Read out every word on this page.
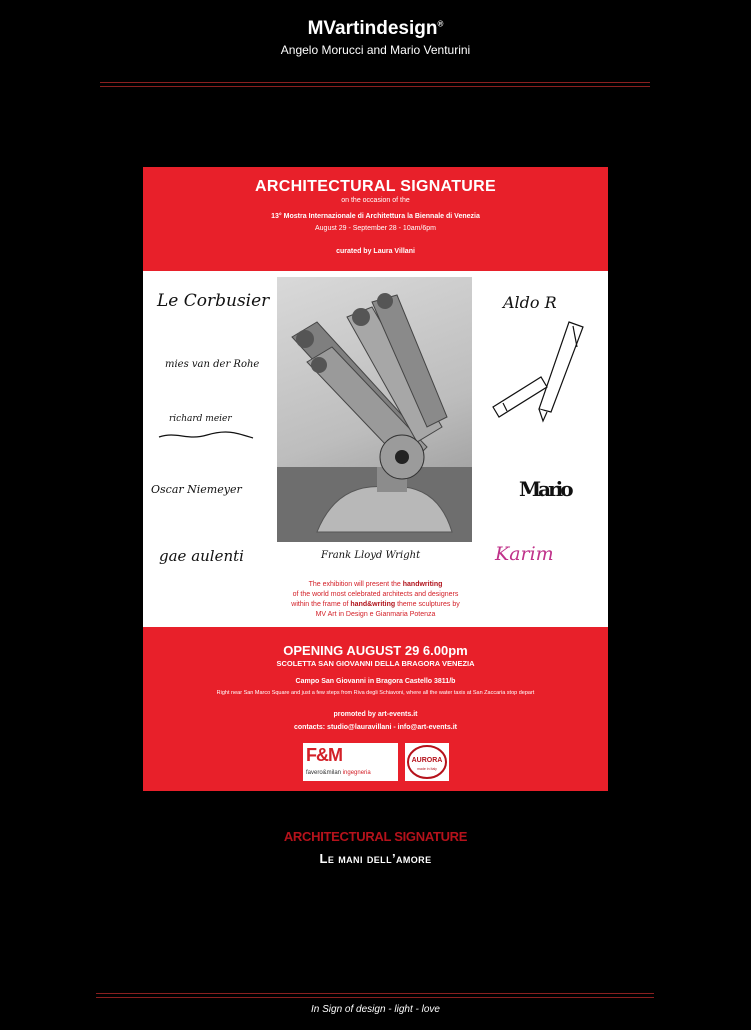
MVartindesign®
Angelo Morucci and Mario Venturini
ARCHITECTURAL SIGNATURE
on the occasion of the
13° Mostra Internazionale di Architettura la Biennale di Venezia
August 29 - September 28 - 10am/6pm
curated by Laura Villani
Le Corbusier
mies van der Rohe
richard meier
Oscar Niemeyer
gae aulenti
Aldo R
Mario
Karim
Frank Lloyd Wright
The exhibition will present the handwriting
of the world most celebrated architects and designers
within the frame of hand&writing theme sculptures by
MV Art in Design e Gianmaria Potenza
OPENING AUGUST 29 6.00pm
SCOLETTA SAN GIOVANNI DELLA BRAGORA VENEZIA
Campo San Giovanni in Bragora Castello 3811/b
Right near San Marco Square and just a few steps from Riva degli Schiavoni, where all the water taxis at San Zaccaria stop depart
promoted by art-events.it
contacts: studio@lauravillani - info@art-events.it
F&M
favero&milan ingegneria
AURORA
made in Italy
ARCHITECTURAL SIGNATURE
Le mani dell’amore
In Sign of design - light - love
